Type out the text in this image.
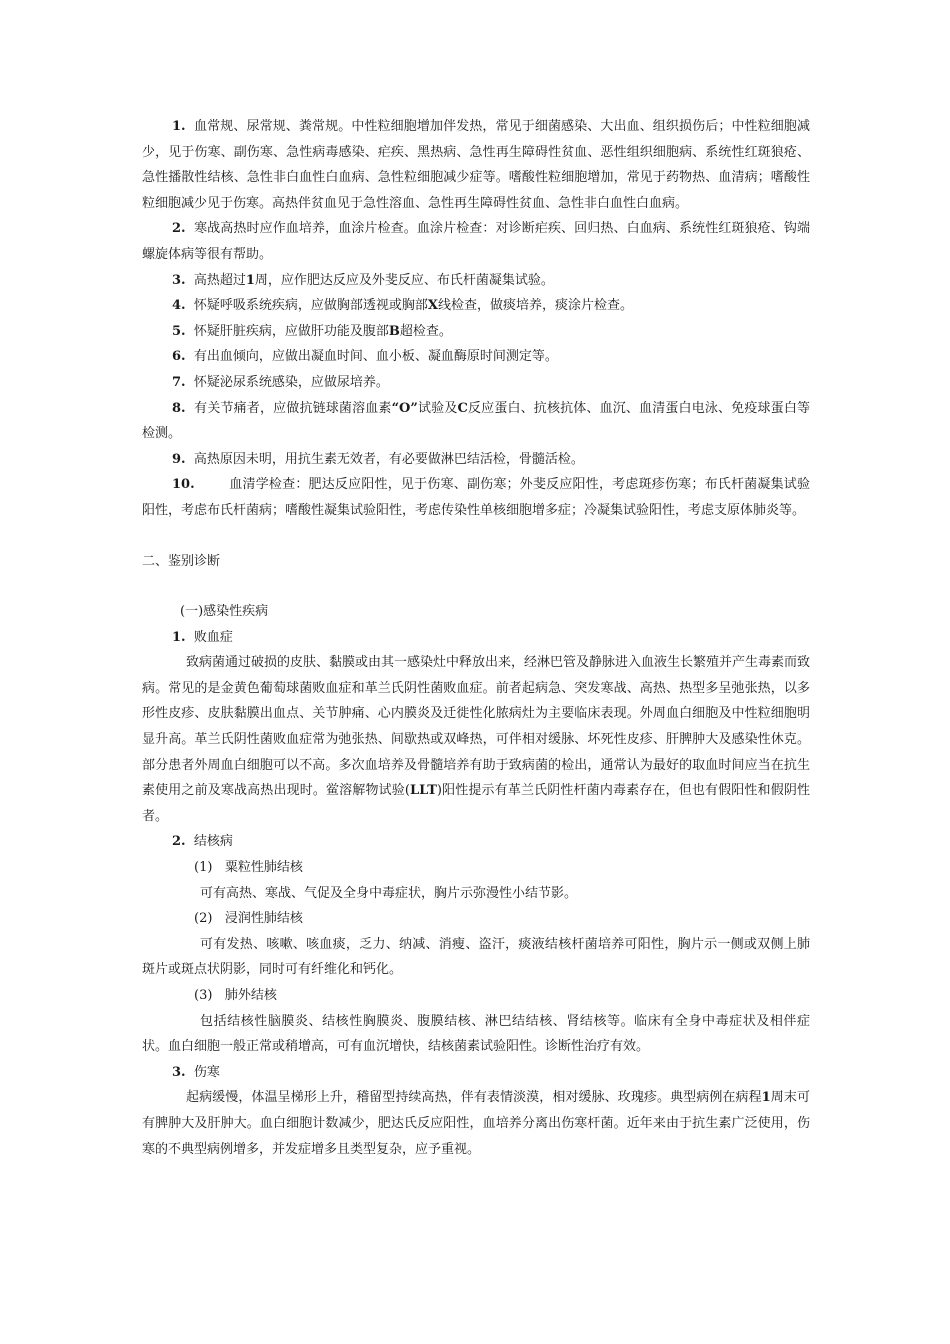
1. 血常规、尿常规、粪常规。中性粒细胞增加伴发热，常见于细菌感染、大出血、组织损伤后；中性粒细胞减少，见于伤寒、副伤寒、急性病毒感染、疟疾、黑热病、急性再生障碍性贫血、恶性组织细胞病、系统性红斑狼疮、急性播散性结核、急性非白血性白血病、急性粒细胞减少症等。嗜酸性粒细胞增加，常见于药物热、血清病；嗜酸性粒细胞减少见于伤寒。高热伴贫血见于急性溶血、急性再生障碍性贫血、急性非白血性白血病。

2. 寒战高热时应作血培养，血涂片检查。血涂片检查：对诊断疟疾、回归热、白血病、系统性红斑狼疮、钩端螺旋体病等很有帮助。

3. 高热超过1周，应作肥达反应及外斐反应、布氏杆菌凝集试验。

4. 怀疑呼吸系统疾病，应做胸部透视或胸部X线检查，做痰培养，痰涂片检查。

5. 怀疑肝脏疾病，应做肝功能及腹部B超检查。

6. 有出血倾向，应做出凝血时间、血小板、凝血酶原时间测定等。

7. 怀疑泌尿系统感染，应做尿培养。

8. 有关节痛者，应做抗链球菌溶血素“O”试验及C反应蛋白、抗核抗体、血沉、血清蛋白电泳、免疫球蛋白等检测。

9. 高热原因未明，用抗生素无效者，有必要做淋巴结活检，骨髓活检。

10.	血清学检查：肥达反应阳性，见于伤寒、副伤寒；外斐反应阳性，考虑斑疹伤寒；布氏杆菌凝集试验阳性，考虑布氏杆菌病；嗜酸性凝集试验阳性，考虑传染性单核细胞增多症；冷凝集试验阳性，考虑支原体肺炎等。

二、鉴别诊断

(一)感染性疾病

1. 败血症

致病菌通过破损的皮肤、黏膜或由其一感染灶中释放出来，经淋巴管及静脉进入血液生长繁殖并产生毒素而致病。常见的是金黄色葡萄球菌败血症和革兰氏阴性菌败血症。前者起病急、突发寒战、高热、热型多呈弛张热，以多形性皮疹、皮肤黏膜出血点、关节肿痛、心内膜炎及迁徙性化脓病灶为主要临床表现。外周血白细胞及中性粒细胞明显升高。革兰氏阴性菌败血症常为弛张热、间歇热或双峰热，可伴相对缓脉、坏死性皮疹、肝脾肿大及感染性休克。部分患者外周血白细胞可以不高。多次血培养及骨髓培养有助于致病菌的检出，通常认为最好的取血时间应当在抗生素使用之前及寒战高热出现时。鲎溶解物试验(LLT)阳性提示有革兰氏阴性杆菌内毒素存在，但也有假阳性和假阴性者。

2. 结核病

(1) 粟粒性肺结核

可有高热、寒战、气促及全身中毒症状，胸片示弥漫性小结节影。

(2) 浸润性肺结核

可有发热、咳嗽、咳血痰，乏力、纳减、消瘦、盗汗，痰液结核杆菌培养可阳性，胸片示一侧或双侧上肺斑片或斑点状阴影，同时可有纤维化和钙化。

(3) 肺外结核

包括结核性脑膜炎、结核性胸膜炎、腹膜结核、淋巴结结核、肾结核等。临床有全身中毒症状及相伴症状。血白细胞一般正常或稍增高，可有血沉增快，结核菌素试验阳性。诊断性治疗有效。

3. 伤寒

起病缓慢，体温呈梯形上升，稽留型持续高热，伴有表情淡漠，相对缓脉、玫瑰疹。典型病例在病程1周末可有脾肿大及肝肿大。血白细胞计数减少，肥达氏反应阳性，血培养分离出伤寒杆菌。近年来由于抗生素广泛使用，伤寒的不典型病例增多，并发症增多且类型复杂，应予重视。
